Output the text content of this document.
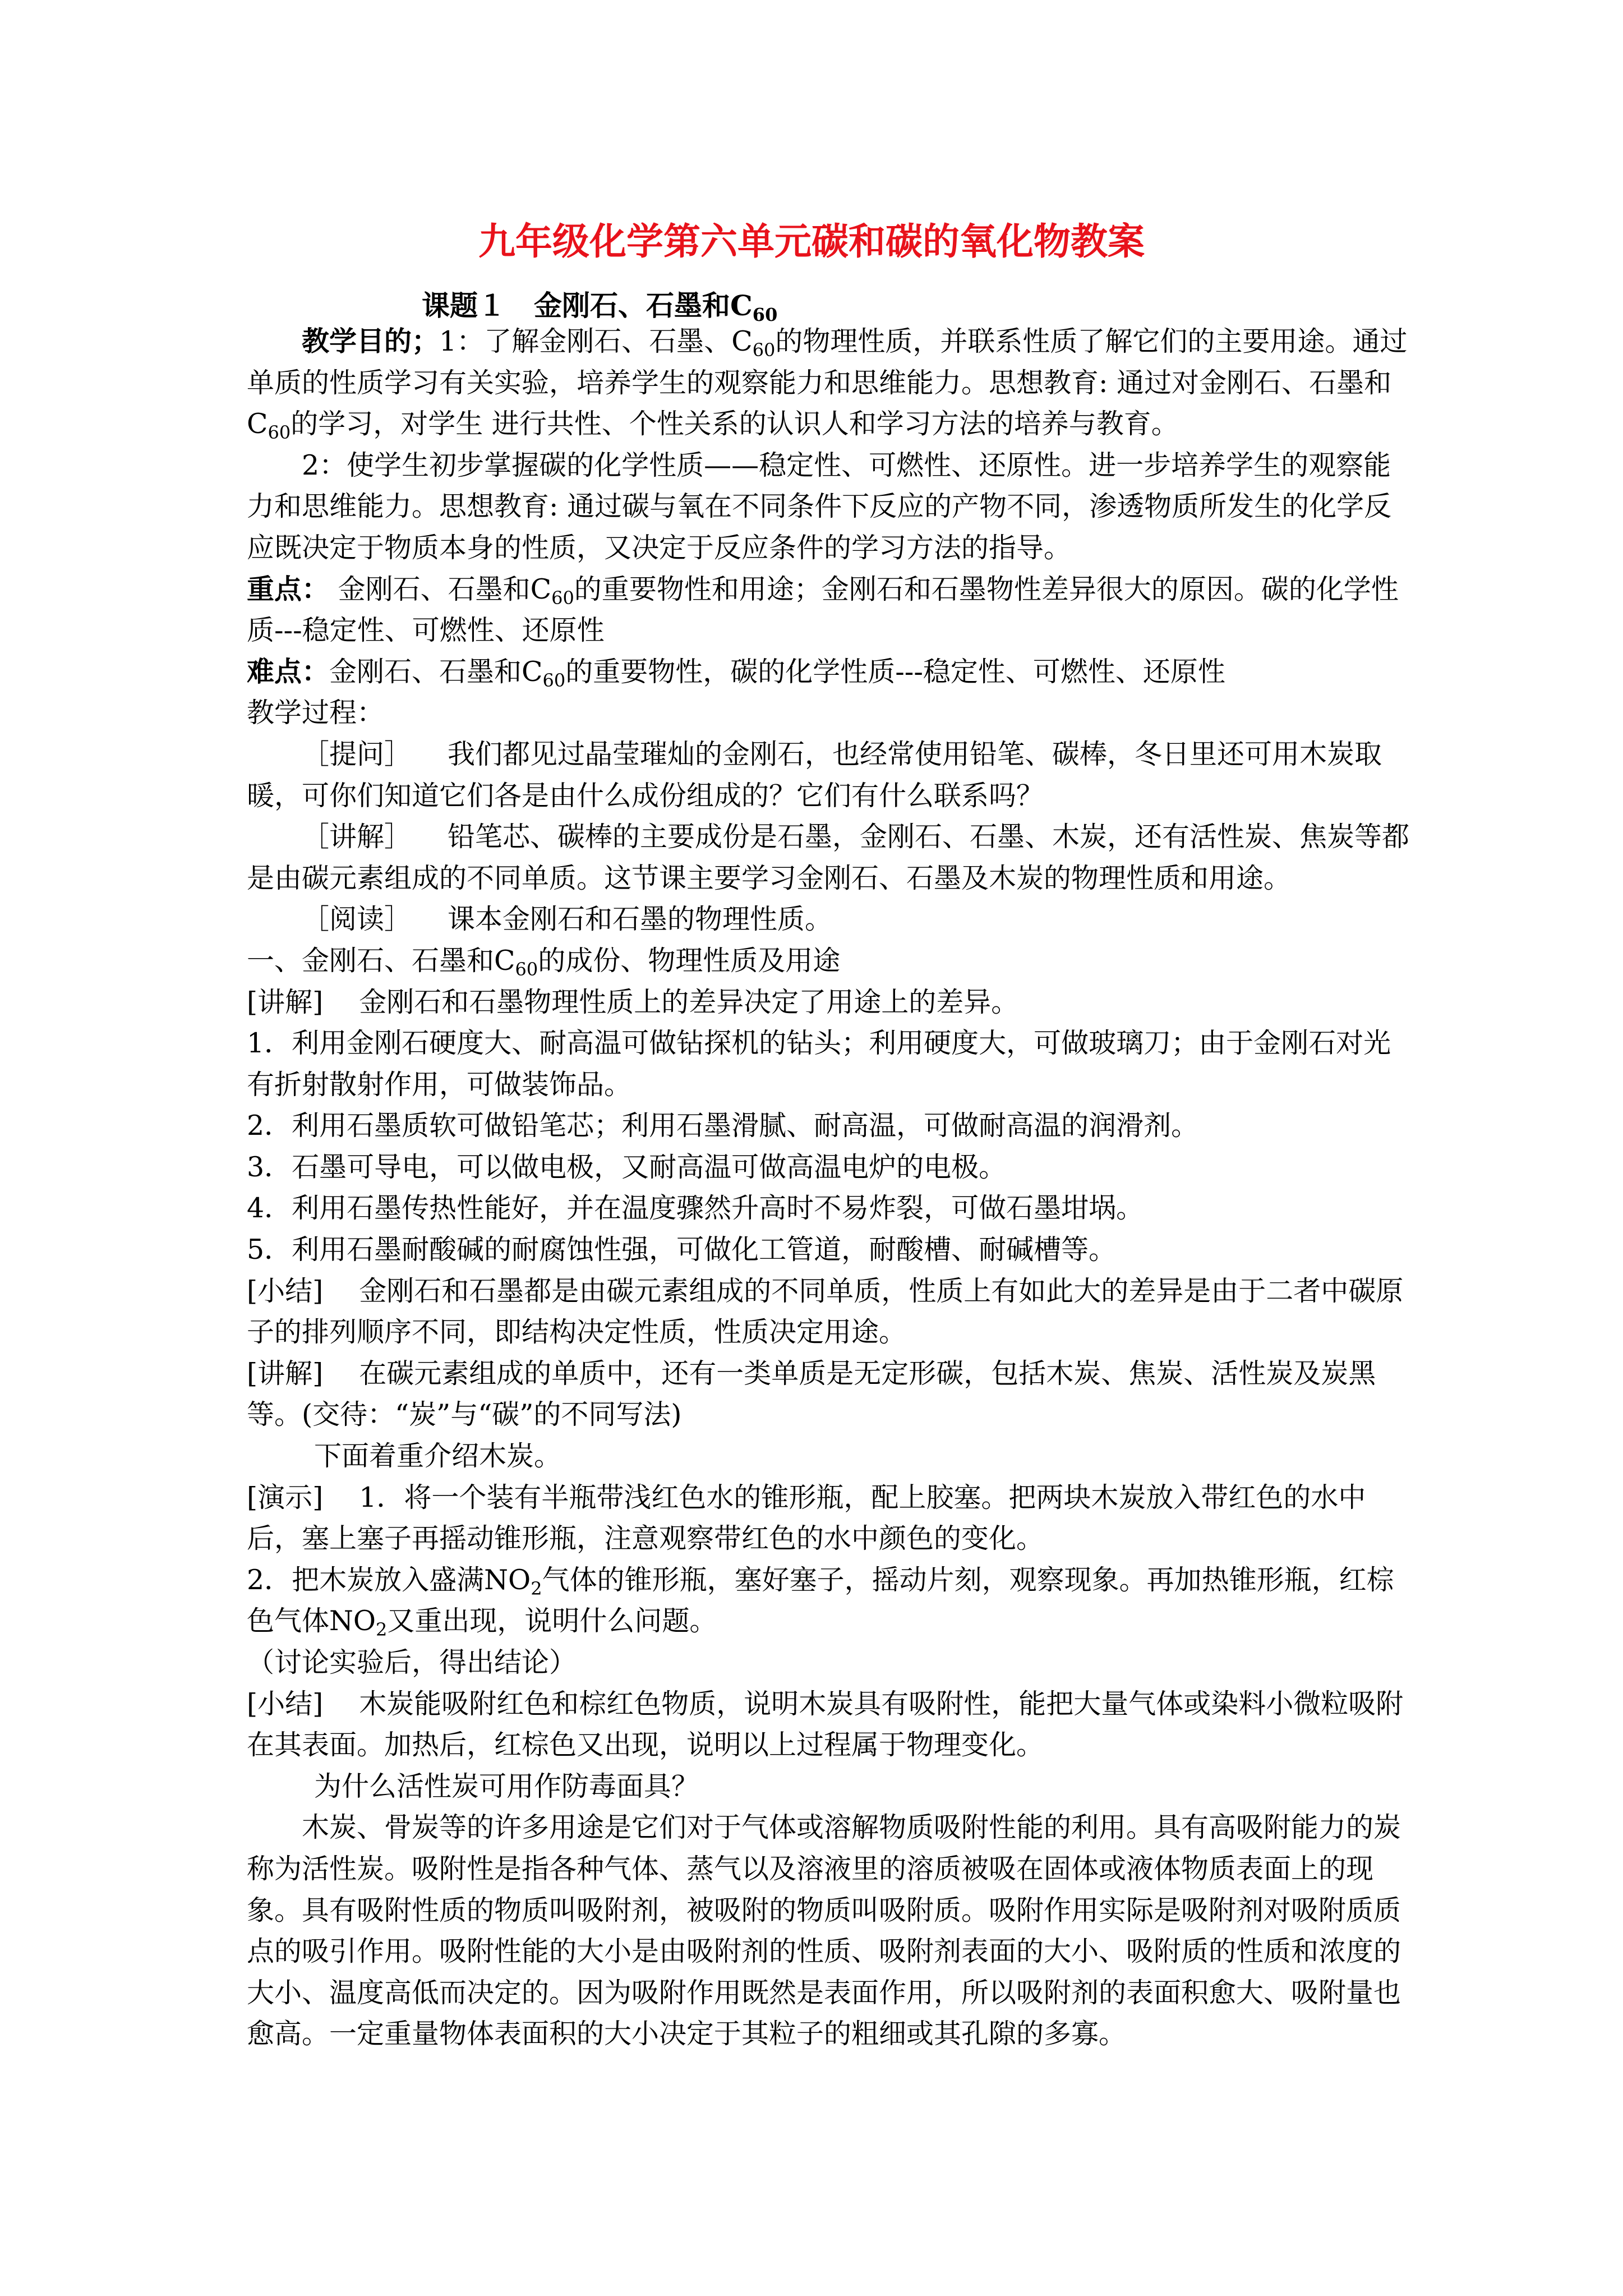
九年级化学第六单元碳和碳的氧化物教案
课题１　金刚石、石墨和$C_{60}$

教学目的；1：了解金刚石、石墨、$C_{60}$的物理性质，并联系性质了解它们的主要用途。通过单质的性质学习有关实验，培养学生的观察能力和思维能力。思想教育: 通过对金刚石、石墨和$C_{60}$的学习，对学生 进行共性、个性关系的认识人和学习方法的培养与教育。

2：使学生初步掌握碳的化学性质——稳定性、可燃性、还原性。进一步培养学生的观察能力和思维能力。思想教育: 通过碳与氧在不同条件下反应的产物不同，渗透物质所发生的化学反应既决定于物质本身的性质，又决定于反应条件的学习方法的指导。

重点： 金刚石、石墨和$C_{60}$的重要物性和用途；金刚石和石墨物性差异很大的原因。碳的化学性质---稳定性、可燃性、还原性

难点：金刚石、石墨和$C_{60}$的重要物性，碳的化学性质---稳定性、可燃性、还原性

教学过程：

［提问］ 我们都见过晶莹璀灿的金刚石，也经常使用铅笔、碳棒，冬日里还可用木炭取暖，可你们知道它们各是由什么成份组成的？它们有什么联系吗？

［讲解］ 铅笔芯、碳棒的主要成份是石墨，金刚石、石墨、木炭，还有活性炭、焦炭等都是由碳元素组成的不同单质。这节课主要学习金刚石、石墨及木炭的物理性质和用途。

［阅读］ 课本金刚石和石墨的物理性质。

一、金刚石、石墨和$C_{60}$的成份、物理性质及用途

[讲解] 金刚石和石墨物理性质上的差异决定了用途上的差异。

1．利用金刚石硬度大、耐高温可做钻探机的钻头；利用硬度大，可做玻璃刀；由于金刚石对光有折射散射作用，可做装饰品。

2．利用石墨质软可做铅笔芯；利用石墨滑腻、耐高温，可做耐高温的润滑剂。

3．石墨可导电，可以做电极，又耐高温可做高温电炉的电极。

4．利用石墨传热性能好，并在温度骤然升高时不易炸裂，可做石墨坩埚。

5．利用石墨耐酸碱的耐腐蚀性强，可做化工管道，耐酸槽、耐碱槽等。

[小结] 金刚石和石墨都是由碳元素组成的不同单质，性质上有如此大的差异是由于二者中碳原子的排列顺序不同，即结构决定性质，性质决定用途。

[讲解] 在碳元素组成的单质中，还有一类单质是无定形碳，包括木炭、焦炭、活性炭及炭黑等。(交待：“炭”与“碳”的不同写法)

下面着重介绍木炭。

[演示] 1．将一个装有半瓶带浅红色水的锥形瓶，配上胶塞。把两块木炭放入带红色的水中后，塞上塞子再摇动锥形瓶，注意观察带红色的水中颜色的变化。

2．把木炭放入盛满$NO_2$气体的锥形瓶，塞好塞子，摇动片刻，观察现象。再加热锥形瓶，红棕色气体$NO_2$又重出现，说明什么问题。

（讨论实验后，得出结论）

[小结] 木炭能吸附红色和棕红色物质，说明木炭具有吸附性，能把大量气体或染料小微粒吸附在其表面。加热后，红棕色又出现，说明以上过程属于物理变化。

为什么活性炭可用作防毒面具？

木炭、骨炭等的许多用途是它们对于气体或溶解物质吸附性能的利用。具有高吸附能力的炭称为活性炭。吸附性是指各种气体、蒸气以及溶液里的溶质被吸在固体或液体物质表面上的现象。具有吸附性质的物质叫吸附剂，被吸附的物质叫吸附质。吸附作用实际是吸附剂对吸附质质点的吸引作用。吸附性能的大小是由吸附剂的性质、吸附剂表面的大小、吸附质的性质和浓度的大小、温度高低而决定的。因为吸附作用既然是表面作用，所以吸附剂的表面积愈大、吸附量也愈高。一定重量物体表面积的大小决定于其粒子的粗细或其孔隙的多寡。
